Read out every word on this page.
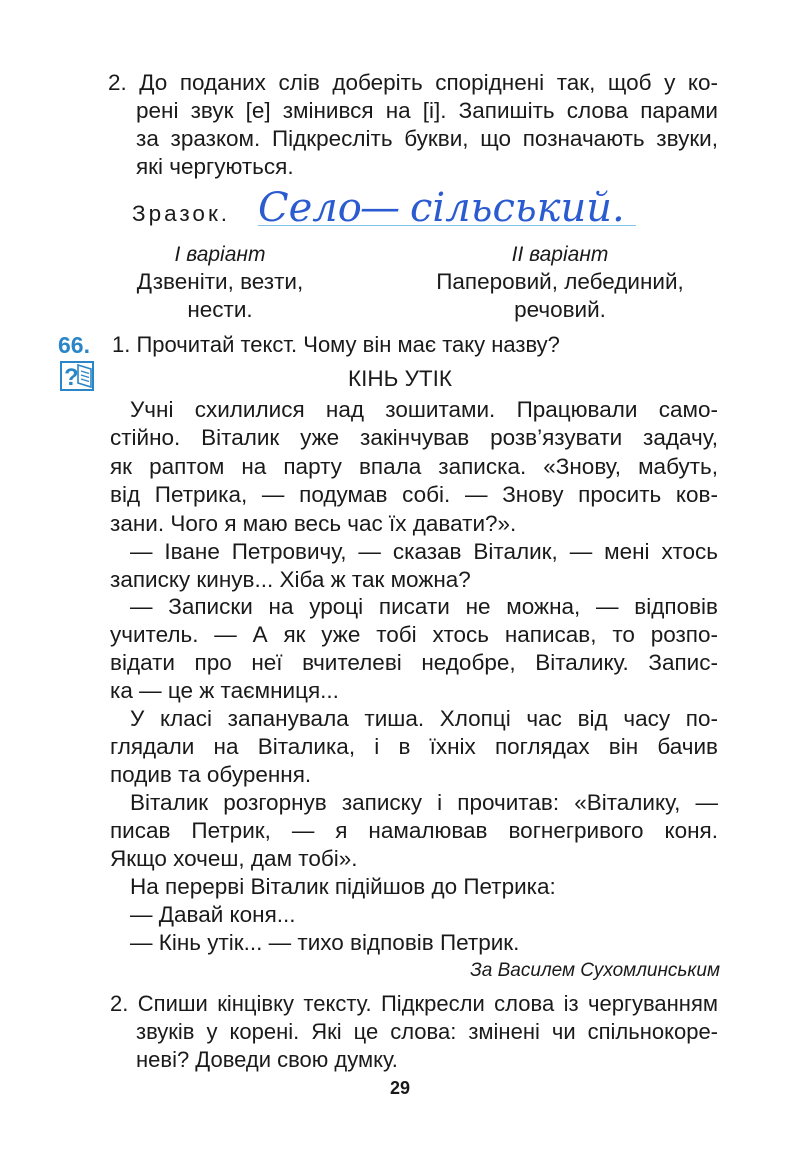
2. До поданих слів доберіть споріднені так, щоб у ко-
рені звук [е] змінився на [і]. Запишіть слова парами
за зразком. Підкресліть букви, що позначають звуки,
які чергуються.
Зразок. Село
— сільський.
I варіант
Дзвеніти, везти,
нести.
II варіант
Паперовий, лебединий,
речовий.
66.
?
1. Прочитай текст. Чому він має таку назву?
КІНЬ УТІК
Учні схилилися над зошитами. Працювали само-
стійно. Віталик уже закінчував розв’язувати задачу,
як раптом на парту впала записка. «Знову, мабуть,
від Петрика, — подумав собі. — Знову просить ков-
зани. Чого я маю весь час їх давати?».
— Іване Петровичу, — сказав Віталик, — мені хтось
записку кинув... Хіба ж так можна?
— Записки на уроці писати не можна, — відповів
учитель. — А як уже тобі хтось написав, то розпо-
відати про неї вчителеві недобре, Віталику. Запис-
ка — це ж таємниця...
У класі запанувала тиша. Хлопці час від часу по-
глядали на Віталика, і в їхніх поглядах він бачив
подив та обурення.
Віталик розгорнув записку і прочитав: «Віталику, —
писав Петрик, — я намалював вогнегривого коня.
Якщо хочеш, дам тобі».
На перерві Віталик підійшов до Петрика:
— Давай коня...
— Кінь утік... — тихо відповів Петрик.
За Василем Сухомлинським
2. Спиши кінцівку тексту. Підкресли слова із чергуванням
звуків у корені. Які це слова: змінені чи спільнокоре-
неві? Доведи свою думку.
29
